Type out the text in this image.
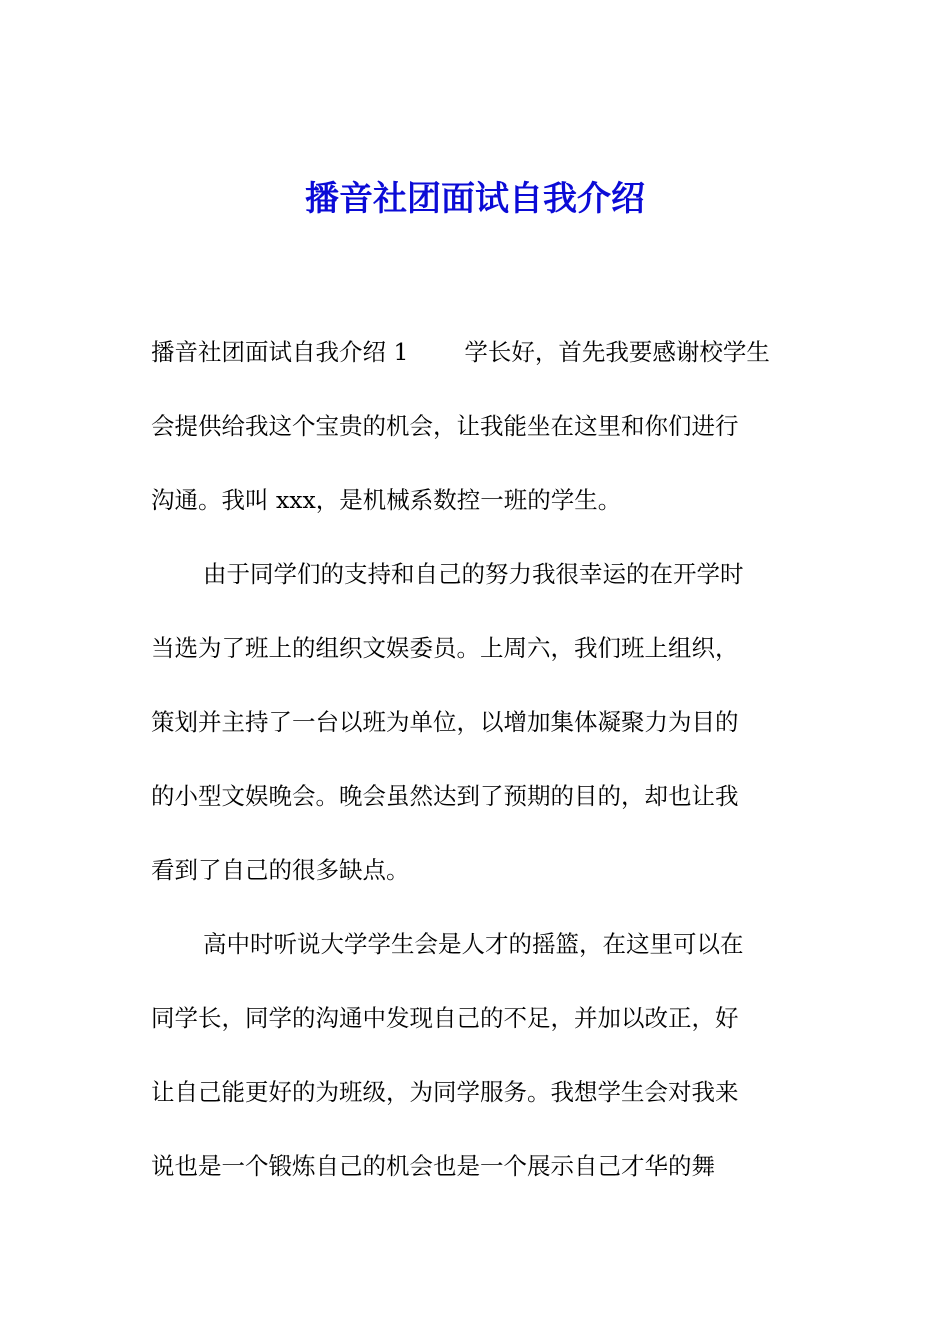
播音社团面试自我介绍
播音社团面试自我介绍 1 学长好，首先我要感谢校学生
会提供给我这个宝贵的机会，让我能坐在这里和你们进行
沟通。我叫 xxx，是机械系数控一班的学生。
由于同学们的支持和自己的努力我很幸运的在开学时
当选为了班上的组织文娱委员。上周六，我们班上组织，
策划并主持了一台以班为单位，以增加集体凝聚力为目的
的小型文娱晚会。晚会虽然达到了预期的目的，却也让我
看到了自己的很多缺点。
高中时听说大学学生会是人才的摇篮，在这里可以在
同学长，同学的沟通中发现自己的不足，并加以改正，好
让自己能更好的为班级，为同学服务。我想学生会对我来
说也是一个锻炼自己的机会也是一个展示自己才华的舞
